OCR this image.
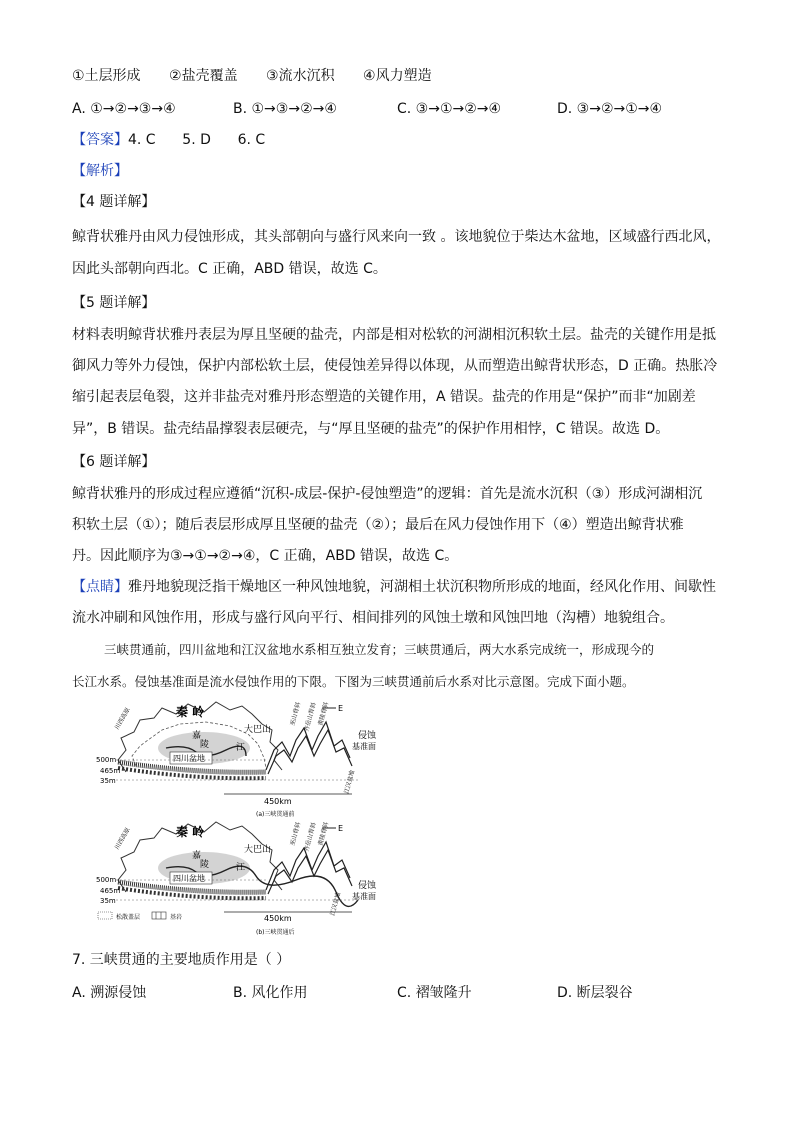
①土层形成 ②盐壳覆盖 ③流水沉积 ④风力塑造
A. ①→②→③→④	B. ①→③→②→④	C. ③→①→②→④	D. ③→②→①→④
【答案】4. C      5. D      6. C
【解析】
【4 题详解】
鲸背状雅丹由风力侵蚀形成，其头部朝向与盛行风来向一致 。该地貌位于柴达木盆地，区域盛行西北风，
因此头部朝向西北。C 正确，ABD 错误，故选 C。
【5 题详解】
材料表明鲸背状雅丹表层为厚且坚硬的盐壳，内部是相对松软的河湖相沉积软土层。盐壳的关键作用是抵
御风力等外力侵蚀，保护内部松软土层，使侵蚀差异得以体现，从而塑造出鲸背状形态，D 正确。热胀冷
缩引起表层龟裂，这并非盐壳对雅丹形态塑造的关键作用，A 错误。盐壳的作用是“保护”而非“加剧差
异”，B 错误。盐壳结晶撑裂表层硬壳，与“厚且坚硬的盐壳”的保护作用相悖，C 错误。故选 D。
【6 题详解】
鲸背状雅丹的形成过程应遵循“沉积-成层-保护-侵蚀塑造”的逻辑：首先是流水沉积（③）形成河湖相沉
积软土层（①）；随后表层形成厚且坚硬的盐壳（②）；最后在风力侵蚀作用下（④）塑造出鲸背状雅
丹。因此顺序为③→①→②→④，C 正确，ABD 错误，故选 C。
【点睛】雅丹地貌现泛指干燥地区一种风蚀地貌，河湖相土状沉积物所形成的地面，经风化作用、间歇性
流水冲刷和风蚀作用，形成与盛行风向平行、相间排列的风蚀土墩和风蚀凹地（沟槽）地貌组合。
三峡贯通前，四川盆地和江汉盆地水系相互独立发育；三峡贯通后，两大水系完成统一，形成现今的
长江水系。侵蚀基准面是流水侵蚀作用的下限。下图为三峡贯通前后水系对比示意图。完成下面小题。
秦 岭
大巴山
嘉
陵	江
四川盆地
川西高原	巫山背斜 齐岳山背斜 黄陵背斜
江汉盆地
E
侵蚀
基准面
500m
465m
35m
450km
(a)三峡贯通前
秦 岭
大巴山
嘉
陵	江
四川盆地
川西高原	巫山背斜 齐岳山背斜 黄陵背斜
江汉盆地
E
侵蚀
基准面
500m
465m
35m
450km
松散盖层	基岩
(b)三峡贯通后
7. 三峡贯通的主要地质作用是（ ）
A. 溯源侵蚀	B. 风化作用	C. 褶皱隆升	D. 断层裂谷
